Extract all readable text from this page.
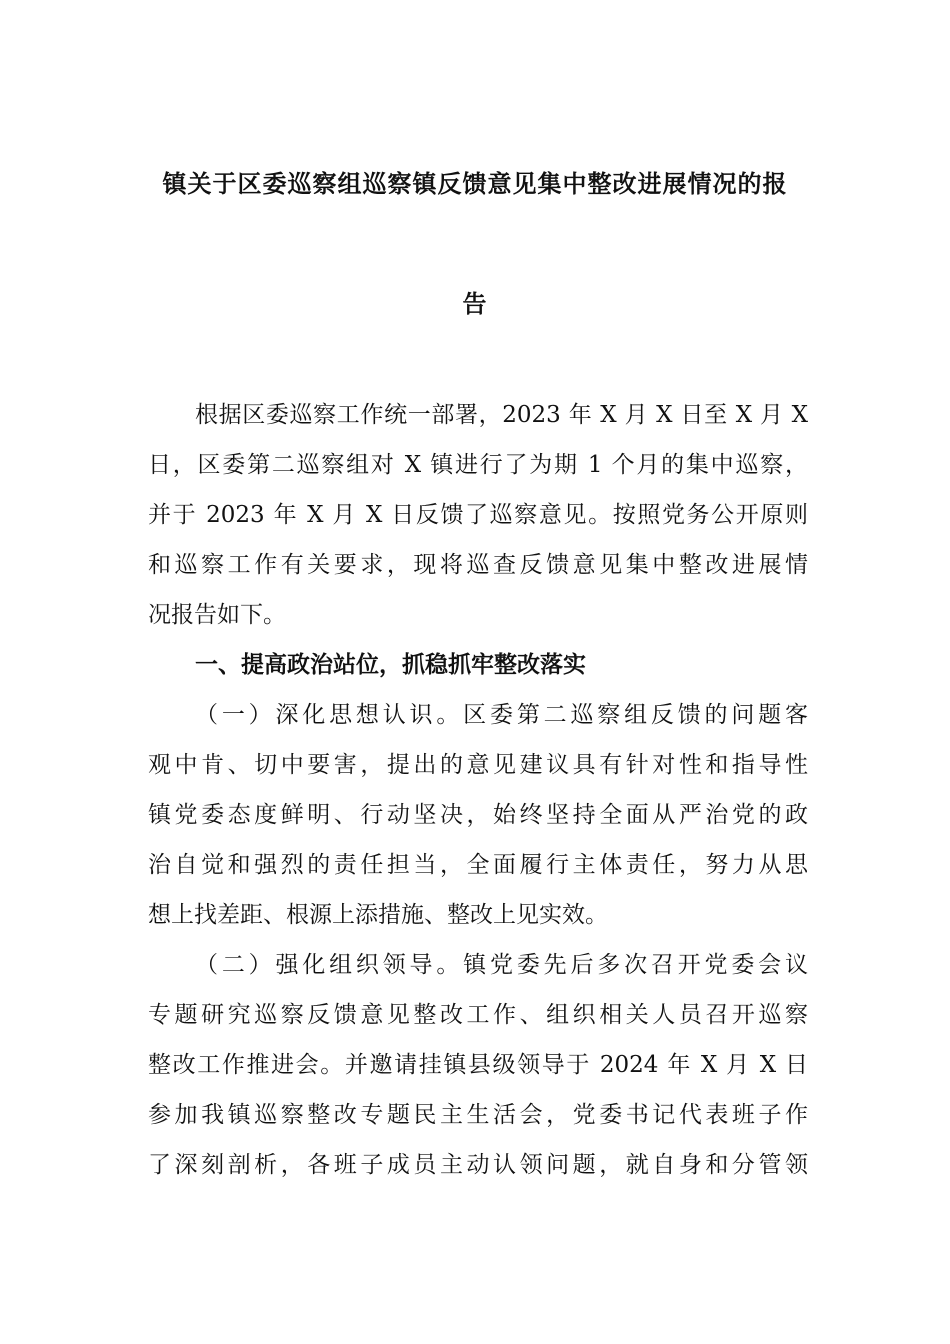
镇关于区委巡察组巡察镇反馈意见集中整改进展情况的报
告
根据区委巡察工作统一部署，2023 年 X 月 X 日至 X 月 X
日，区委第二巡察组对 X 镇进行了为期 1 个月的集中巡察，
并于 2023 年 X 月 X 日反馈了巡察意见。按照党务公开原则
和巡察工作有关要求，现将巡查反馈意见集中整改进展情
况报告如下。
一、提高政治站位，抓稳抓牢整改落实
（一）深化思想认识。区委第二巡察组反馈的问题客
观中肯、切中要害，提出的意见建议具有针对性和指导性
镇党委态度鲜明、行动坚决，始终坚持全面从严治党的政
治自觉和强烈的责任担当，全面履行主体责任，努力从思
想上找差距、根源上添措施、整改上见实效。
（二）强化组织领导。镇党委先后多次召开党委会议
专题研究巡察反馈意见整改工作、组织相关人员召开巡察
整改工作推进会。并邀请挂镇县级领导于 2024 年 X 月 X 日
参加我镇巡察整改专题民主生活会，党委书记代表班子作
了深刻剖析，各班子成员主动认领问题，就自身和分管领
